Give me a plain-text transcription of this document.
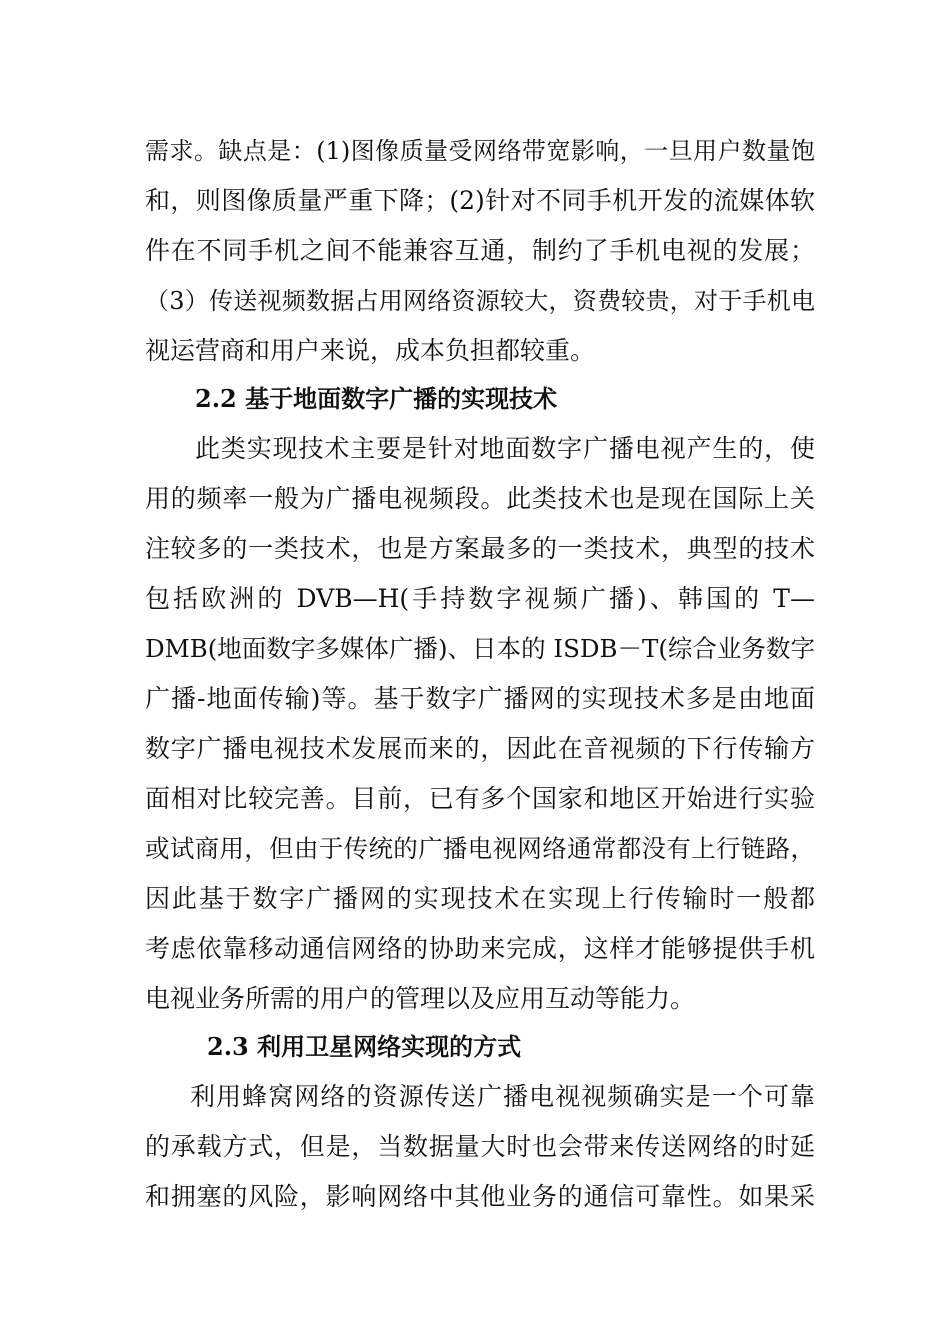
需求。缺点是：(1)图像质量受网络带宽影响，一旦用户数量饱
和，则图像质量严重下降；(2)针对不同手机开发的流媒体软
件在不同手机之间不能兼容互通，制约了手机电视的发展；
（3）传送视频数据占用网络资源较大，资费较贵，对于手机电
视运营商和用户来说，成本负担都较重。
2.2 基于地面数字广播的实现技术
此类实现技术主要是针对地面数字广播电视产生的，使
用的频率一般为广播电视频段。此类技术也是现在国际上关
注较多的一类技术，也是方案最多的一类技术，典型的技术
包括欧洲的 DVB—H(手持数字视频广播)、韩国的 T—
DMB(地面数字多媒体广播)、日本的 ISDB－T(综合业务数字
广播-地面传输)等。基于数字广播网的实现技术多是由地面
数字广播电视技术发展而来的，因此在音视频的下行传输方
面相对比较完善。目前，已有多个国家和地区开始进行实验
或试商用，但由于传统的广播电视网络通常都没有上行链路，
因此基于数字广播网的实现技术在实现上行传输时一般都
考虑依靠移动通信网络的协助来完成，这样才能够提供手机
电视业务所需的用户的管理以及应用互动等能力。
2.3 利用卫星网络实现的方式
利用蜂窝网络的资源传送广播电视视频确实是一个可靠
的承载方式，但是，当数据量大时也会带来传送网络的时延
和拥塞的风险，影响网络中其他业务的通信可靠性。如果采
